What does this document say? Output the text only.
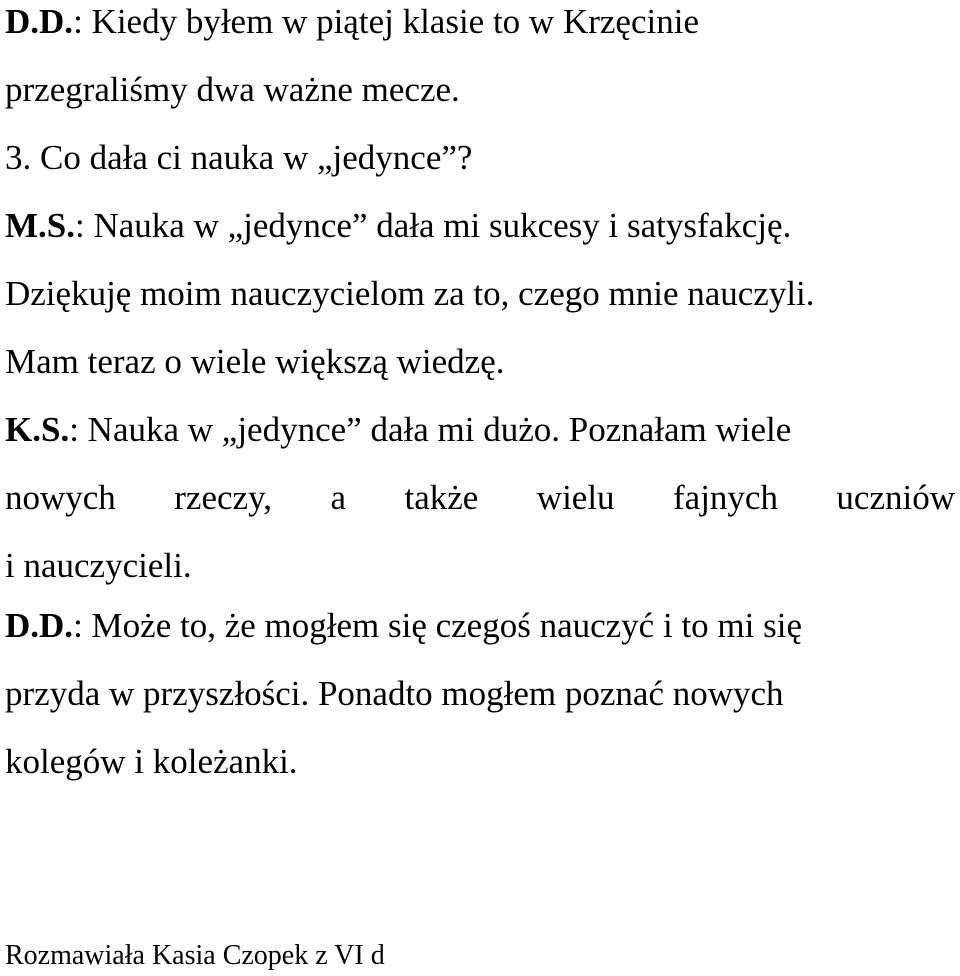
D.D.: Kiedy byłem w piątej klasie to w Krzęcinie
przegraliśmy dwa ważne mecze.
3. Co dała ci nauka w „jedynce”?
M.S.: Nauka w „jedynce” dała mi sukcesy i satysfakcję.
Dziękuję moim nauczycielom za to, czego mnie nauczyli.
Mam teraz o wiele większą wiedzę.
K.S.: Nauka w „jedynce” dała mi dużo. Poznałam wiele
nowych rzeczy, a także wielu fajnych uczniów
i nauczycieli.
D.D.: Może to, że mogłem się czegoś nauczyć i to mi się
przyda w przyszłości. Ponadto mogłem poznać nowych
kolegów i koleżanki.
Rozmawiała Kasia Czopek z VI d
